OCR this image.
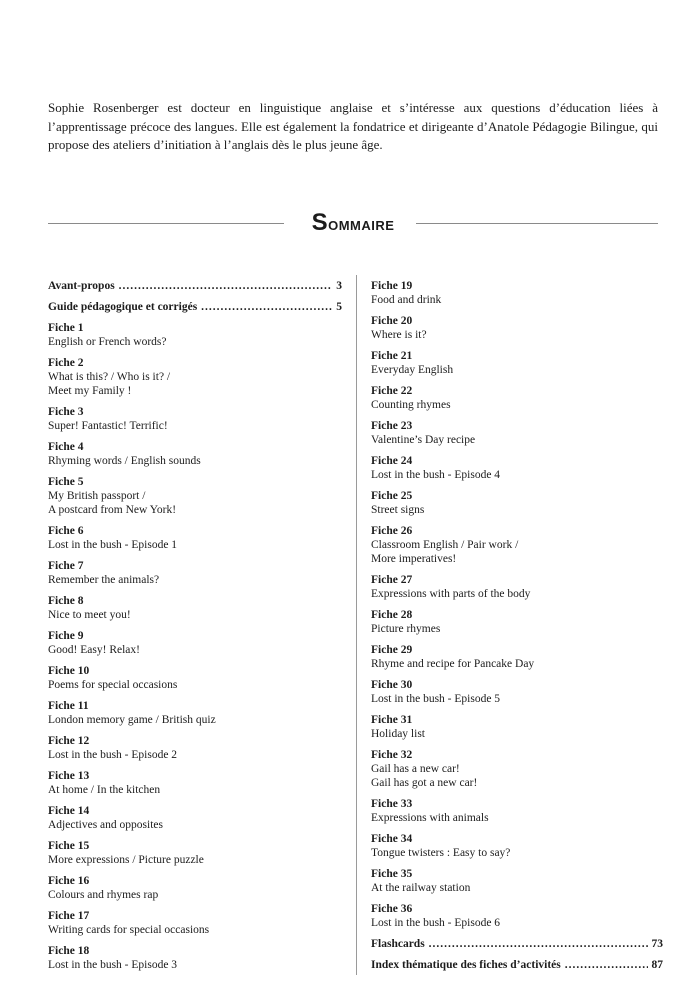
Sophie Rosenberger est docteur en linguistique anglaise et s’intéresse aux questions d’éducation liées à l’apprentissage précoce des langues. Elle est également la fondatrice et dirigeante d’Anatole Pédagogie Bilingue, qui propose des ateliers d’initiation à l’anglais dès le plus jeune âge.

Sommaire
Avant-propos .....	3
Guide pédagogique et corrigés .....	5
Fiche 1
English or French words?
Fiche 2
What is this? / Who is it? /
Meet my Family !
Fiche 3
Super! Fantastic! Terrific!
Fiche 4
Rhyming words / English sounds
Fiche 5
My British passport /
A postcard from New York!
Fiche 6
Lost in the bush - Episode 1
Fiche 7
Remember the animals?
Fiche 8
Nice to meet you!
Fiche 9
Good! Easy! Relax!
Fiche 10
Poems for special occasions
Fiche 11
London memory game / British quiz
Fiche 12
Lost in the bush - Episode 2
Fiche 13
At home / In the kitchen
Fiche 14
Adjectives and opposites
Fiche 15
More expressions / Picture puzzle
Fiche 16
Colours and rhymes rap
Fiche 17
Writing cards for special occasions
Fiche 18
Lost in the bush - Episode 3
Fiche 19
Food and drink
Fiche 20
Where is it?
Fiche 21
Everyday English
Fiche 22
Counting rhymes
Fiche 23
Valentine’s Day recipe
Fiche 24
Lost in the bush - Episode 4
Fiche 25
Street signs
Fiche 26
Classroom English / Pair work /
More imperatives!
Fiche 27
Expressions with parts of the body
Fiche 28
Picture rhymes
Fiche 29
Rhyme and recipe for Pancake Day
Fiche 30
Lost in the bush - Episode 5
Fiche 31
Holiday list
Fiche 32
Gail has a new car!
Gail has got a new car!
Fiche 33
Expressions with animals
Fiche 34
Tongue twisters : Easy to say?
Fiche 35
At the railway station
Fiche 36
Lost in the bush - Episode 6
Flashcards .....	73
Index thématique des fiches d’activités .....	87
